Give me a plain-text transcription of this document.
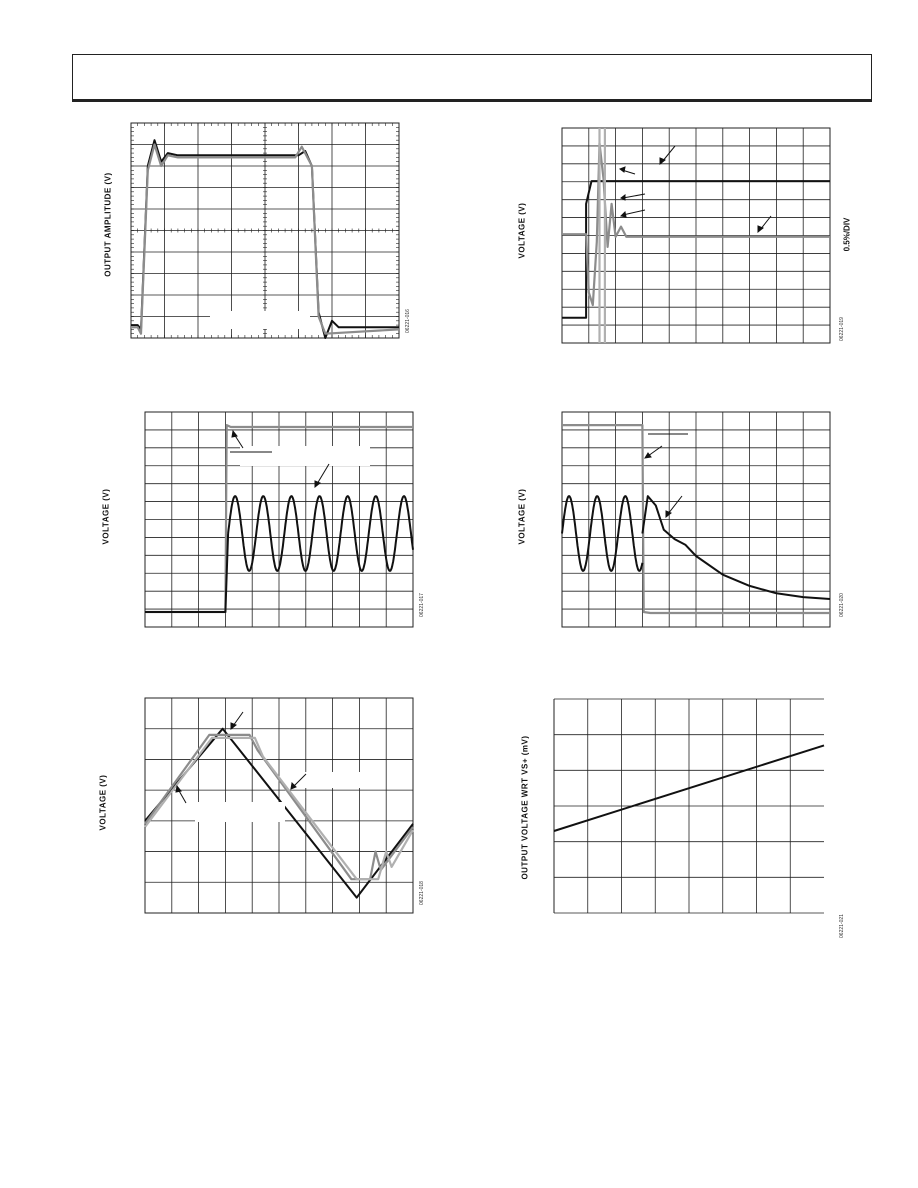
OUTPUT AMPLITUDE (V)
06221-016
VOLTAGE (V)	0.5%/DIV
06221-019
VOLTAGE (V)
06221-017
VOLTAGE (V)
06221-020
VOLTAGE (V)
06221-018
OUTPUT VOLTAGE WRT VS+ (mV)
06221-021
